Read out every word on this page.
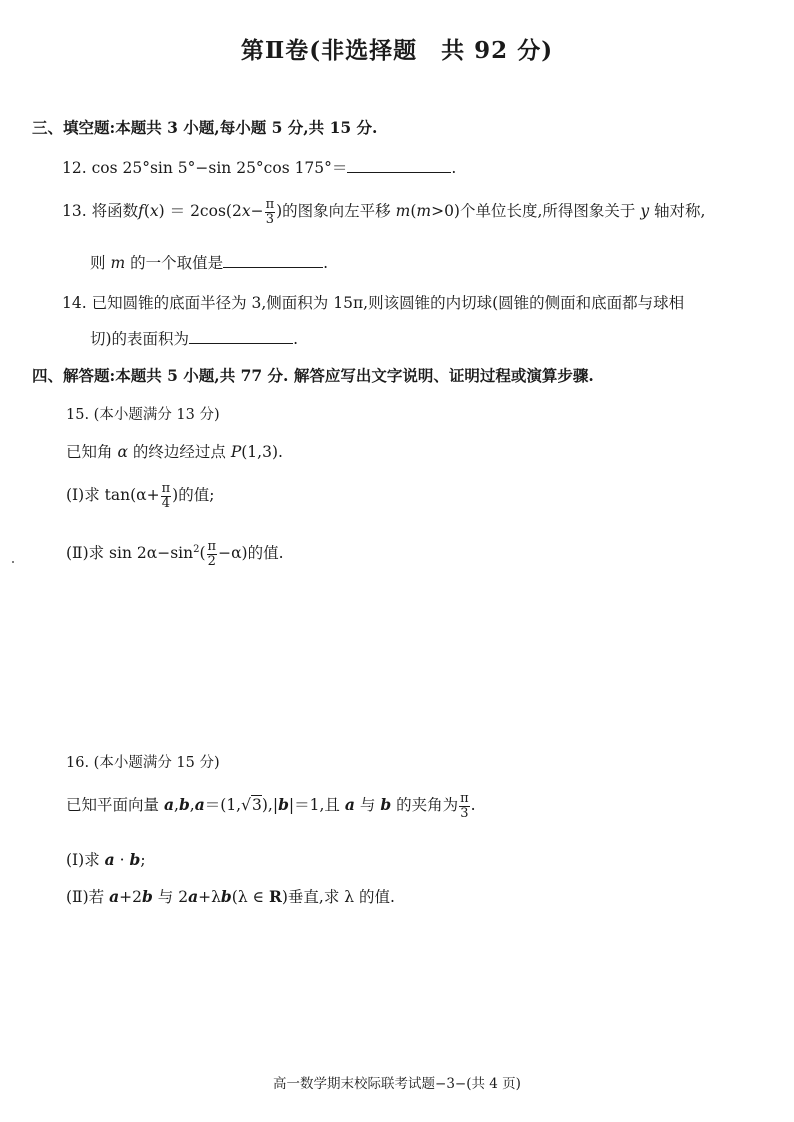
第Ⅱ卷(非选择题　共 92 分)
三、填空题:本题共 3 小题,每小题 5 分,共 15 分.
12. cos 25°sin 5°−sin 25°cos 175°＝	.
13. 将函数$f(x) = 2\cos(2x- \frac{\pi}{3}$ )的图象向左平移 m(m>0)个单位长度,所得图象关于 y 轴对称,
则 m 的一个取值是	.
14. 已知圆锥的底面半径为 3,侧面积为 15π,则该圆锥的内切球(圆锥的侧面和底面都与球相
切)的表面积为	.
四、解答题:本题共 5 小题,共 77 分. 解答应写出文字说明、证明过程或演算步骤.
15. (本小题满分 13 分)
已知角 α 的终边经过点 P(1,3).
(Ⅰ)求 $\tan(\alpha+ \frac{\pi}{4}$ )的值;
(Ⅱ)求 $\sin 2\alpha-\sin^2( \frac{\pi}{2} -\alpha)$的值.
16. (本小题满分 15 分)
已知平面向量 a,b,a＝(1,√3),|b|＝1,且 a 与 b 的夹角为 $\frac{\pi}{3}$ .
(Ⅰ)求 a · b;
(Ⅱ)若 a+2b 与 2a+λb(λ ∈ R)垂直,求 λ 的值.
高一数学期末校际联考试题−3−(共 4 页)
